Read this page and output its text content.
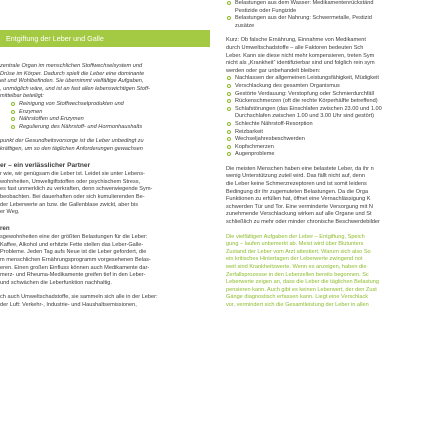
Entgiftung der Leber und Galle
zentrale Organ im menschlichen Stoffwechselsystem und
Drüse im Körper. Dadurch spielt die Leber eine dominante
eit und Wohlbefinden. Sie übernimmt vielfältige Aufgaben,
, unmöglich wäre, und ist an fast allen lebenswichtigen Stoff-
mittelbar beteiligt:
Reinigung von Stoffwechselprodukten und
Enzymen
Nährstoffen und Enzymen
Regulierung des Nährstoff- und Hormonhaushalts
punkt der Gesundheitsvorsorge ist die Leber unbedingt zu
kräftigen, um so den täglichen Anforderungen gewachsen
er – ein verlässlicher Partner
r wie, wir genügsam die Leber ist. Leidet sie unter Lebens-
wohnheiten, Umweltgiftstoffen oder psychischem Stress,
es fast unmerklich zu verkraften, denn schwerwiegende Sym-
beobachten. Bei dauerhaften oder sich kumulierenden Be-
der Leberwerte an bzw. die Gallenblase zwickt, aber bis
er Weg.
ren
sgewohnheiten eine der größten Belastungen für die Leber:
Kaffee, Alkohol und erhitzte Fette stellen das Leber-Galle-
Probleme. Jeden Tag aufs Neue ist die Leber gefordert, die
m menschlichen Ernährungsprogramm vorgesehenen Belas-
eren. Einen großen Einfluss können auch Medikamente dar-
merz- und Rheuma-Medikamente greifen tief in den Leber-
und schwächen die Leberfunktion nachhaltig.
ch auch Umweltschadstoffe, sie sammeln sich alle in der Leber:
der Luft: Verkehr-, Industrie- und Haushaltsemissionen,
Belastungen aus dem Wasser: Medikamentenrückständ
Pestizide oder Fungizide
Belastungen aus der Nahrung: Schwermetalle, Pestizid
zusätze
Kurz: Ob falsche Ernährung, Einnahme von Medikament
durch Umweltschadstoffe – alle Faktoren bedeuten Sch
Leber. Kann sie diese nicht mehr kompensieren, treten Sym
nicht als „Krankheit“ identifizierbar sind und folglich rein sym
werden oder gar unbehandelt bleiben:
Nachlassen der allgemeinen Leistungsfähigkeit, Müdigkeit
Verschlackung des gesamten Organismus
Gestörte Verdauung: Verstopfung oder Schmierdurchfäll
Rückenschmerzen (oft die rechte Körperhälfte betreffend)
Schlafstörungen (das Einschlafen zwischen 23.00 und 1.00
Durchschlafen zwischen 1.00 und 3.00 Uhr sind gestört)
Schlechte Nährstoff-Resorption
Reizbarkeit
Wechseljahresbeschwerden
Kopfschmerzen
Augenprobleme
Die meisten Menschen haben eine belastete Leber, da ihr n
wenig Unterstützung zuteil wird. Das fällt nicht auf, denn
die Leber keine Schmerzrezeptoren und ist somit leidens
Bedingung dir ihr zugemuteten Belastungen. Da die Orga
Funktionen zu erfüllen hat, öffnet eine Vernachlässigung K
schwerden Tür und Tor. Eine verminderte Versorgung mit N
zunehmende Verschlackung wirken auf alle Organe und St
schließlich zu mehr oder minder chronische Beschwerdebilder
Die vielfältigen Aufgaben der Leber – Entgiftung, Speich
gung – laufen unbemerkt ab. Meist wird über Blutunters
Zustand der Leber vom Arzt attestiert. Warum sich also So
ein kritisches Hintertagen der Leberwerte zwingend not
weit sind Krankheitswerte. Wenn es anzeigen, haben die
Zerfallsprozesse in den Leberzellen bereits begonnen. Sc
Leberwerte zeigen an, dass die Leber die täglichen Belastung
pensieren kann. Auch gibt es keinen Leberwert, der den Zust
Gänge diagnostisch erfassen kann. Liegt eine Verschlack
vor, vermindert sich die Gesamtleistung der Leber in allen
